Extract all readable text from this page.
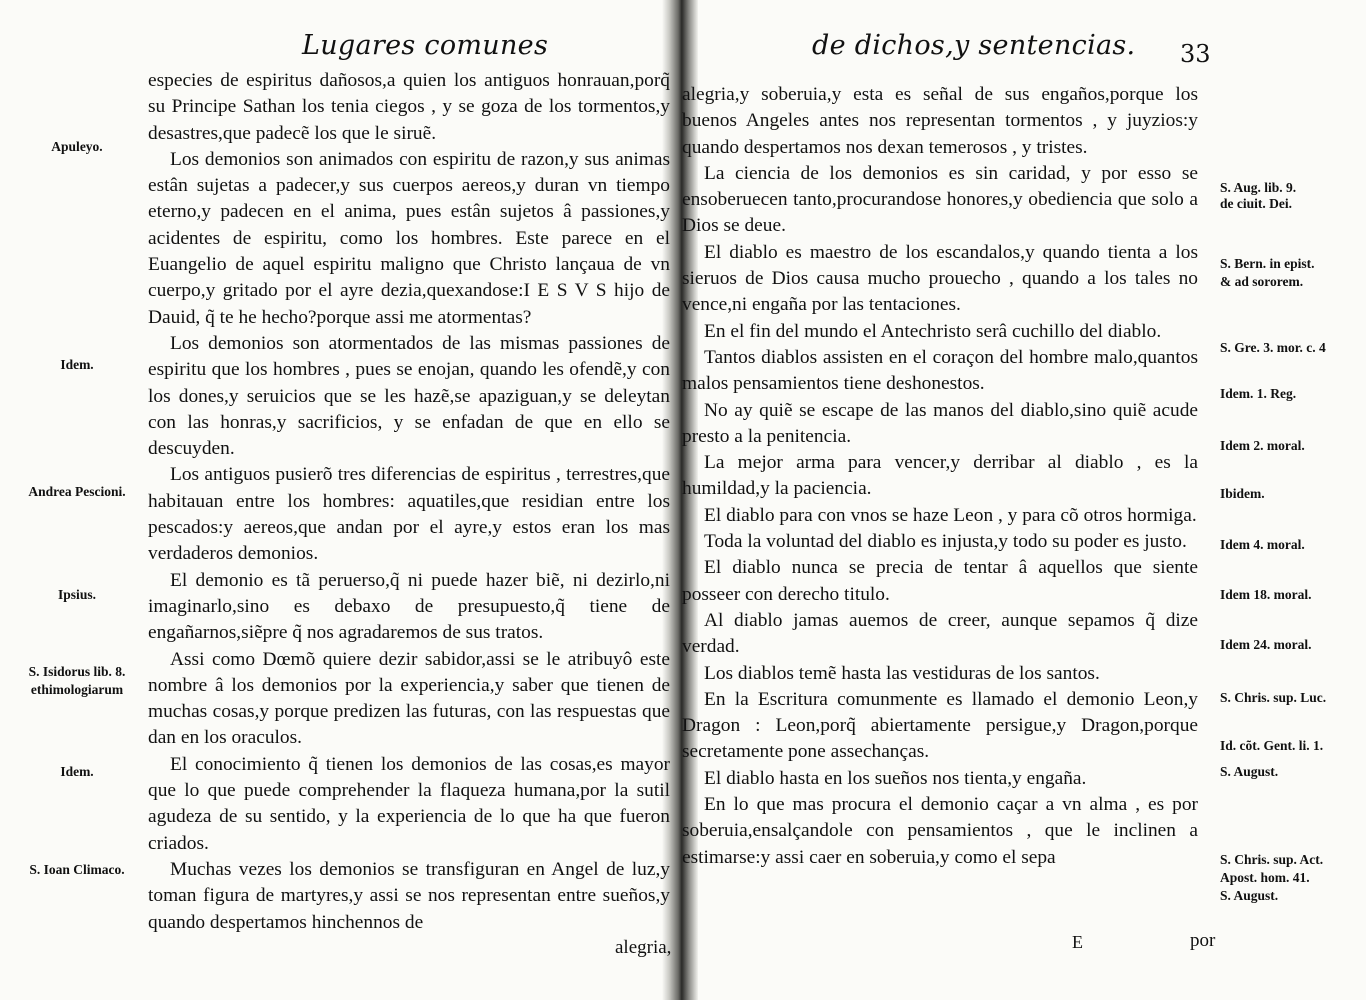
Lugares comunes
Apuleyo.
Idem.
Andrea Pescioni.
Ipsius.
S. Isidorus lib. 8.
ethimologiarum
Idem.
S. Ioan Climaco.

especies de espiritus dañosos,a quien los antiguos honrauan,porq̃ su Principe Sathan los tenia ciegos , y se goza de los tormentos,y desastres,que padecẽ los que le siruẽ.

Los demonios son animados con espiritu de razon,y sus animas estân sujetas a padecer,y sus cuerpos aereos,y duran vn tiempo eterno,y padecen en el anima, pues estân sujetos â passiones,y acidentes de espiritu, como los hombres. Este parece en el Euangelio de aquel espiritu maligno que Christo lançaua de vn cuerpo,y gritado por el ayre dezia,quexandose:I E S V S hijo de Dauid, q̃ te he hecho?porque assi me atormentas?

Los demonios son atormentados de las mismas passiones de espiritu que los hombres , pues se enojan, quando les ofendẽ,y con los dones,y seruicios que se les hazẽ,se apaziguan,y se deleytan con las honras,y sacrificios, y se enfadan de que en ello se descuyden.

Los antiguos pusierõ tres diferencias de espiritus , terrestres,que habitauan entre los hombres: aquatiles,que residian entre los pescados:y aereos,que andan por el ayre,y estos eran los mas verdaderos demonios.

El demonio es tã peruerso,q̃ ni puede hazer biẽ, ni dezirlo,ni imaginarlo,sino es debaxo de presupuesto,q̃ tiene de engañarnos,siẽpre q̃ nos agradaremos de sus tratos.

Assi como Dœmõ quiere dezir sabidor,assi se le atribuyô este nombre â los demonios por la experiencia,y saber que tienen de muchas cosas,y porque predizen las futuras, con las respuestas que dan en los oraculos.

El conocimiento q̃ tienen los demonios de las cosas,es mayor que lo que puede comprehender la flaqueza humana,por la sutil agudeza de su sentido, y la experiencia de lo que ha que fueron criados.

Muchas vezes los demonios se transfiguran en Angel de luz,y toman figura de martyres,y assi se nos representan entre sueños,y quando despertamos hinchennos de

alegria,
de dichos,y sentencias. 33
S. Aug. lib. 9.
de ciuit. Dei.
S. Bern. in epist.
& ad sororem.
S. Gre. 3. mor. c. 4
Idem. 1. Reg.
Idem 2. moral.
Ibidem.
Idem 4. moral.
Idem 18. moral.
Idem 24. moral.
S. Chris. sup. Luc.
Id. cõt. Gent. li. 1.
S. August.
S. Chris. sup. Act.
Apost. hom. 41.
S. August.

alegria,y soberuia,y esta es señal de sus engaños,porque los buenos Angeles antes nos representan tormentos , y juyzios:y quando despertamos nos dexan temerosos , y tristes.

La ciencia de los demonios es sin caridad, y por esso se ensoberuecen tanto,procurandose honores,y obediencia que solo a Dios se deue.

El diablo es maestro de los escandalos,y quando tienta a los sieruos de Dios causa mucho prouecho , quando a los tales no vence,ni engaña por las tentaciones.

En el fin del mundo el Antechristo serâ cuchillo del diablo.

Tantos diablos assisten en el coraçon del hombre malo,quantos malos pensamientos tiene deshonestos.

No ay quiẽ se escape de las manos del diablo,sino quiẽ acude presto a la penitencia.

La mejor arma para vencer,y derribar al diablo , es la humildad,y la paciencia.

El diablo para con vnos se haze Leon , y para cõ otros hormiga.

Toda la voluntad del diablo es injusta,y todo su poder es justo.

El diablo nunca se precia de tentar â aquellos que siente posseer con derecho titulo.

Al diablo jamas auemos de creer, aunque sepamos q̃ dize verdad.

Los diablos temẽ hasta las vestiduras de los santos.

En la Escritura comunmente es llamado el demonio Leon,y Dragon : Leon,porq̃ abiertamente persigue,y Dragon,porque secretamente pone assechanças.

El diablo hasta en los sueños nos tienta,y engaña.

En lo que mas procura el demonio caçar a vn alma , es por soberuia,ensalçandole con pensamientos , que le inclinen a estimarse:y assi caer en soberuia,y como el sepa

E	por
